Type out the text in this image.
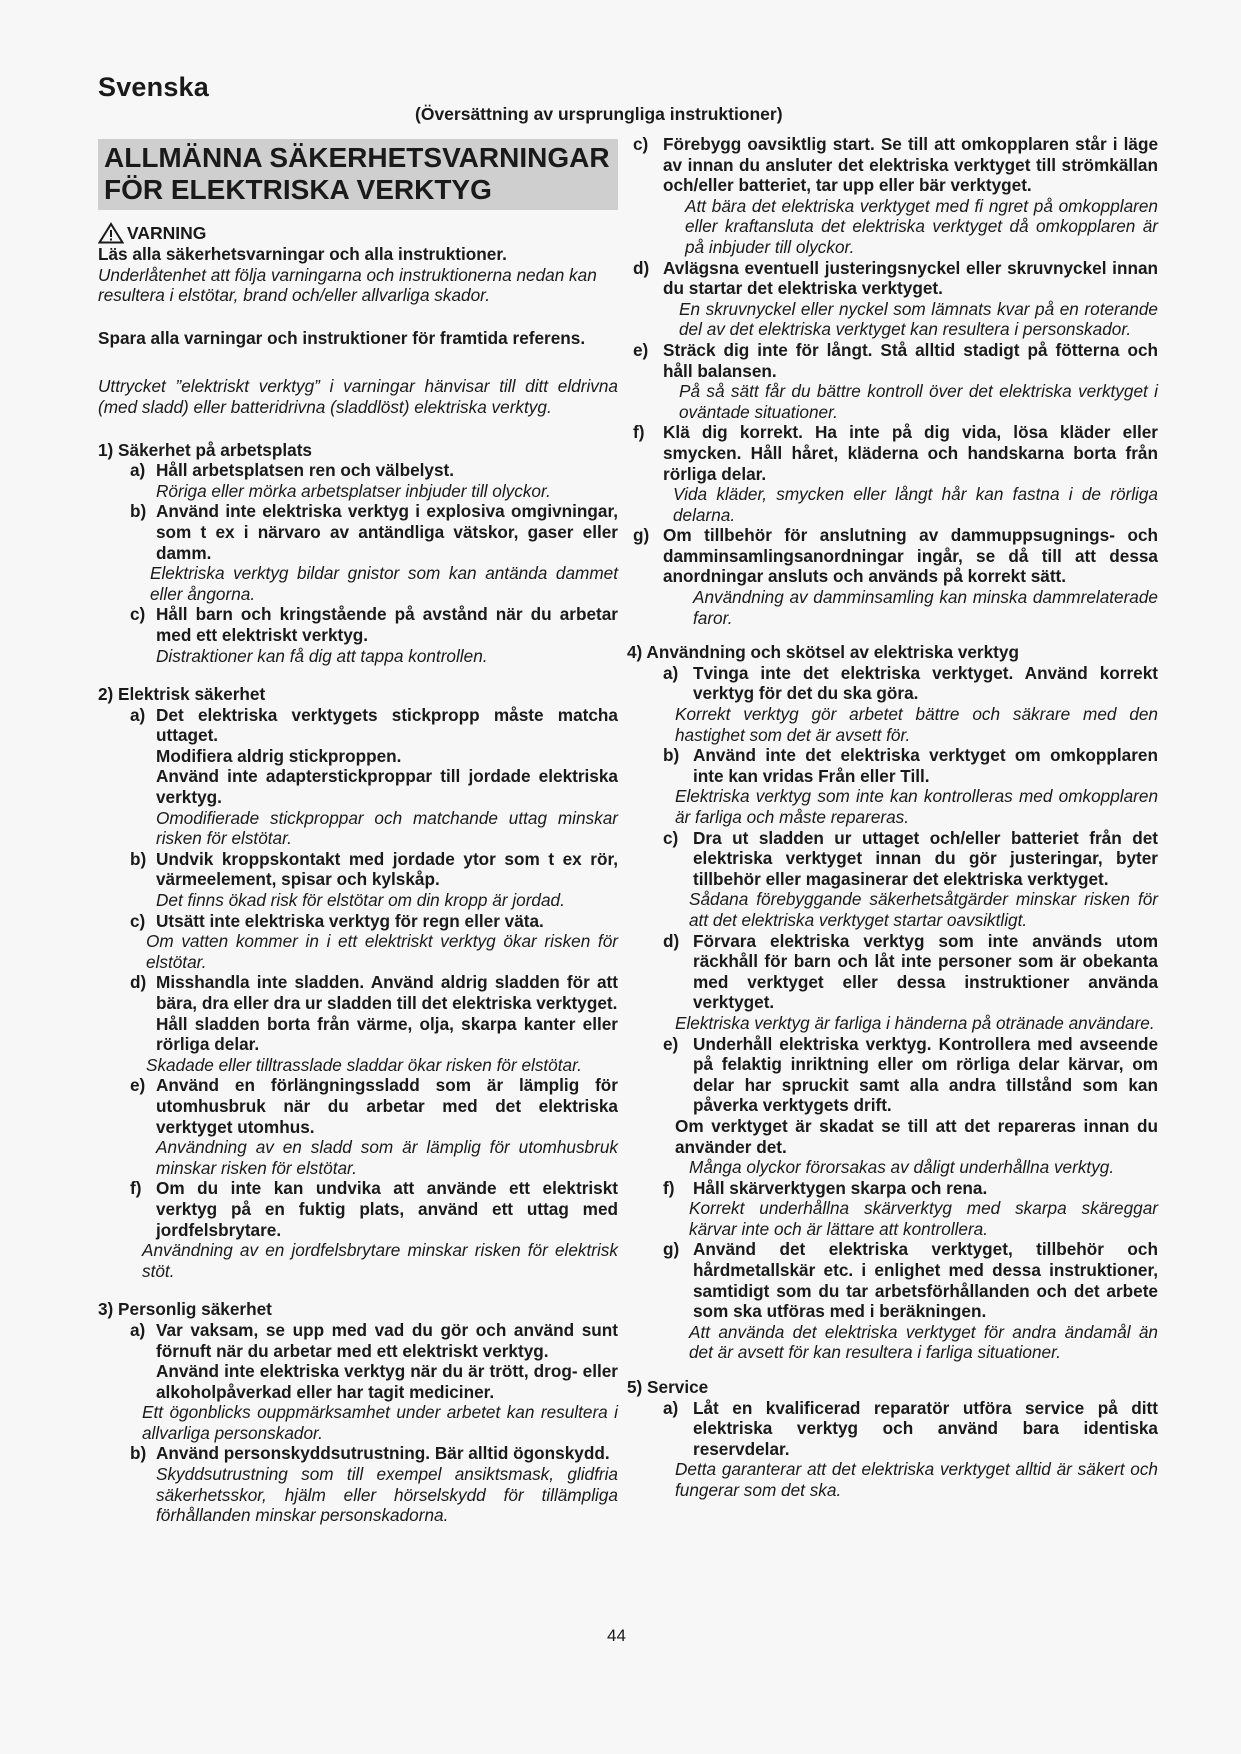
Svenska
(Översättning av ursprungliga instruktioner)
ALLMÄNNA SÄKERHETSVARNINGAR
FÖR ELEKTRISKA VERKTYG
VARNING

Läs alla säkerhetsvarningar och alla instruktioner.

Underlåtenhet att följa varningarna och instruktionerna nedan kan resultera i elstötar, brand och/eller allvarliga skador.

Spara alla varningar och instruktioner för framtida referens.

Uttrycket ”elektriskt verktyg” i varningar hänvisar till ditt eldrivna (med sladd) eller batteridrivna (sladdlöst) elektriska verktyg.

1) Säkerhet på arbetsplats

a) Håll arbetsplatsen ren och välbelyst.

Röriga eller mörka arbetsplatser inbjuder till olyckor.

b) Använd inte elektriska verktyg i explosiva omgivningar, som t ex i närvaro av antändliga vätskor, gaser eller damm.

Elektriska verktyg bildar gnistor som kan antända dammet eller ångorna.

c) Håll barn och kringstående på avstånd när du arbetar med ett elektriskt verktyg.

Distraktioner kan få dig att tappa kontrollen.

2) Elektrisk säkerhet

a) Det elektriska verktygets stickpropp måste matcha uttaget.

Modifiera aldrig stickproppen.

Använd inte adapterstickproppar till jordade elektriska verktyg.

Omodifierade stickproppar och matchande uttag minskar risken för elstötar.

b) Undvik kroppskontakt med jordade ytor som t ex rör, värmeelement, spisar och kylskåp.

Det finns ökad risk för elstötar om din kropp är jordad.

c) Utsätt inte elektriska verktyg för regn eller väta.

Om vatten kommer in i ett elektriskt verktyg ökar risken för elstötar.

d) Misshandla inte sladden. Använd aldrig sladden för att bära, dra eller dra ur sladden till det elektriska verktyget.

Håll sladden borta från värme, olja, skarpa kanter eller rörliga delar.

Skadade eller tilltrasslade sladdar ökar risken för elstötar.

e) Använd en förlängningssladd som är lämplig för utomhusbruk när du arbetar med det elektriska verktyget utomhus.

Användning av en sladd som är lämplig för utomhusbruk minskar risken för elstötar.

f) Om du inte kan undvika att använde ett elektriskt verktyg på en fuktig plats, använd ett uttag med jordfelsbrytare.

Användning av en jordfelsbrytare minskar risken för elektrisk stöt.

3) Personlig säkerhet

a) Var vaksam, se upp med vad du gör och använd sunt förnuft när du arbetar med ett elektriskt verktyg.

Använd inte elektriska verktyg när du är trött, drog- eller alkoholpåverkad eller har tagit mediciner.

Ett ögonblicks ouppmärksamhet under arbetet kan resultera i allvarliga personskador.

b) Använd personskyddsutrustning. Bär alltid ögonskydd.

Skyddsutrustning som till exempel ansiktsmask, glidfria säkerhetsskor, hjälm eller hörselskydd för tillämpliga förhållanden minskar personskadorna.

c) Förebygg oavsiktlig start. Se till att omkopplaren står i läge av innan du ansluter det elektriska verktyget till strömkällan och/eller batteriet, tar upp eller bär verktyget.

Att bära det elektriska verktyget med fi ngret på omkopplaren eller kraftansluta det elektriska verktyget då omkopplaren är på inbjuder till olyckor.

d) Avlägsna eventuell justeringsnyckel eller skruvnyckel innan du startar det elektriska verktyget.

En skruvnyckel eller nyckel som lämnats kvar på en roterande del av det elektriska verktyget kan resultera i personskador.

e) Sträck dig inte för långt. Stå alltid stadigt på fötterna och håll balansen.

På så sätt får du bättre kontroll över det elektriska verktyget i oväntade situationer.

f)	Klä dig korrekt. Ha inte på dig vida, lösa kläder eller smycken. Håll håret, kläderna och handskarna borta från rörliga delar.

Vida kläder, smycken eller långt hår kan fastna i de rörliga delarna.

g) Om tillbehör för anslutning av dammuppsugnings- och damminsamlingsanordningar ingår, se då till att dessa anordningar ansluts och används på korrekt sätt.

Användning av damminsamling kan minska dammrelaterade faror.

4) Användning och skötsel av elektriska verktyg

a) Tvinga inte det elektriska verktyget. Använd korrekt verktyg för det du ska göra.

Korrekt verktyg gör arbetet bättre och säkrare med den hastighet som det är avsett för.

b) Använd inte det elektriska verktyget om omkopplaren inte kan vridas Från eller Till.

Elektriska verktyg som inte kan kontrolleras med omkopplaren är farliga och måste repareras.

c) Dra ut sladden ur uttaget och/eller batteriet från det elektriska verktyget innan du gör justeringar, byter tillbehör eller magasinerar det elektriska verktyget.

Sådana förebyggande säkerhetsåtgärder minskar risken för att det elektriska verktyget startar oavsiktligt.

d) Förvara elektriska verktyg som inte används utom räckhåll för barn och låt inte personer som är obekanta med verktyget eller dessa instruktioner använda verktyget.

Elektriska verktyg är farliga i händerna på otränade användare.

e) Underhåll elektriska verktyg. Kontrollera med avseende på felaktig inriktning eller om rörliga delar kärvar, om delar har spruckit samt alla andra tillstånd som kan påverka verktygets drift.

Om verktyget är skadat se till att det repareras innan du använder det.

Många olyckor förorsakas av dåligt underhållna verktyg.

f)	Håll skärverktygen skarpa och rena.

Korrekt underhållna skärverktyg med skarpa skäreggar kärvar inte och är lättare att kontrollera.

g) Använd det elektriska verktyget, tillbehör och hårdmetallskär etc. i enlighet med dessa instruktioner, samtidigt som du tar arbetsförhållanden och det arbete som ska utföras med i beräkningen.

Att använda det elektriska verktyget för andra ändamål än det är avsett för kan resultera i farliga situationer.

5) Service

a) Låt en kvalificerad reparatör utföra service på ditt elektriska verktyg och använd bara identiska reservdelar.

Detta garanterar att det elektriska verktyget alltid är säkert och fungerar som det ska.

44
